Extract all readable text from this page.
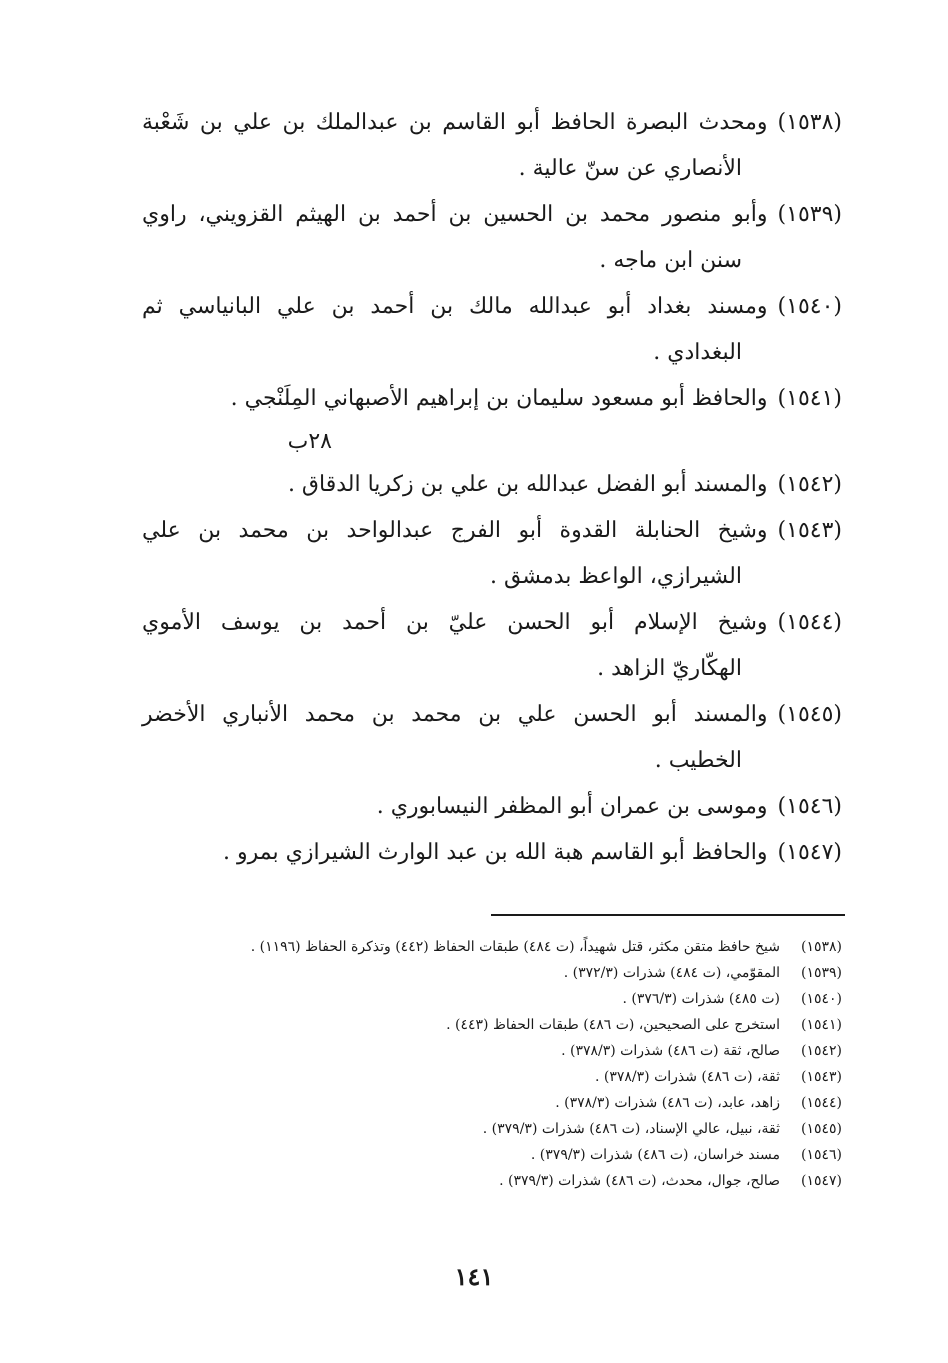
(١٥٣٨)ومحدث البصرة الحافظ أبو القاسم بن عبدالملك بن علي بن شَعْبة
الأنصاري عن سنّ عالية .

(١٥٣٩)وأبو منصور محمد بن الحسين بن أحمد بن الهيثم القزويني، راوي
سنن ابن ماجه .

(١٥٤٠)ومسند بغداد أبو عبدالله مالك بن أحمد بن علي البانياسي ثم
البغدادي .

(١٥٤١)والحافظ أبو مسعود سليمان بن إبراهيم الأصبهاني المِلَنْجي .

٢٨ب

(١٥٤٢)والمسند أبو الفضل عبدالله بن علي بن زكريا الدقاق .

(١٥٤٣)وشيخ الحنابلة القدوة أبو الفرج عبدالواحد بن محمد بن علي
الشيرازي، الواعظ بدمشق .

(١٥٤٤)وشيخ الإسلام أبو الحسن عليّ بن أحمد بن يوسف الأموي
الهكّاريّ الزاهد .

(١٥٤٥)والمسند أبو الحسن علي بن محمد بن محمد الأنباري الأخضر
الخطيب .

(١٥٤٦)وموسى بن عمران أبو المظفر النيسابوري .

(١٥٤٧)والحافظ أبو القاسم هبة الله بن عبد الوارث الشيرازي بمرو .

(١٥٣٨)
شيخ حافظ متقن مكثر، قتل شهيداً، (ت ٤٨٤) طبقات الحفاظ (٤٤٢) وتذكرة الحفاظ (١١٩٦) .
(١٥٣٩)
المقوّمي، (ت ٤٨٤) شذرات (٣٧٢/٣) .
(١٥٤٠)
(ت ٤٨٥) شذرات (٣٧٦/٣) .
(١٥٤١)
استخرج على الصحيحين، (ت ٤٨٦) طبقات الحفاظ (٤٤٣) .
(١٥٤٢)
صالح، ثقة (ت ٤٨٦) شذرات (٣٧٨/٣) .
(١٥٤٣)
ثقة، (ت ٤٨٦) شذرات (٣٧٨/٣) .
(١٥٤٤)
زاهد، عابد، (ت ٤٨٦) شذرات (٣٧٨/٣) .
(١٥٤٥)
ثقة، نبيل، عالي الإسناد، (ت ٤٨٦) شذرات (٣٧٩/٣) .
(١٥٤٦)
مسند خراسان، (ت ٤٨٦) شذرات (٣٧٩/٣) .
(١٥٤٧)
صالح، جوال، محدث، (ت ٤٨٦) شذرات (٣٧٩/٣) .
١٤١
